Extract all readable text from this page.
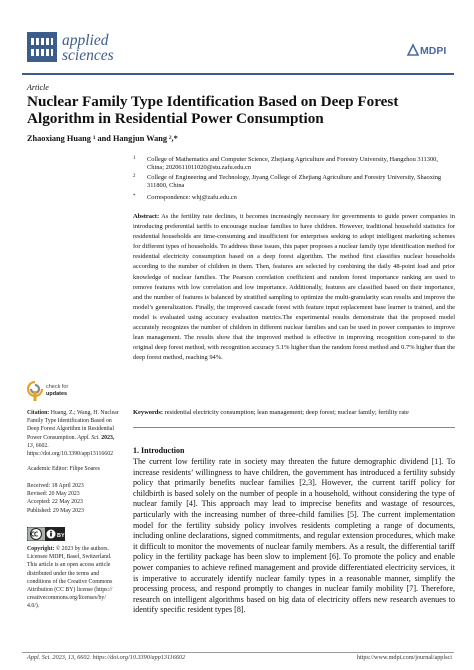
applied
sciences	MDPI
Article
Nuclear Family Type Identification Based on Deep Forest Algorithm in Residential Power Consumption
Zhaoxiang Huang ¹ and Hangjun Wang ²,*
1 College of Mathematics and Computer Science, Zhejiang Agriculture and Forestry University, Hangzhou 311300, China; 2020611011020@stu.zafu.edu.cn
2 College of Engineering and Technology, Jiyang College of Zhejiang Agriculture and Forestry University, Shaoxing 311800, China
* Correspondence: whj@zafu.edu.cn
Abstract: As the fertility rate declines, it becomes increasingly necessary for governments to guide power companies in introducing preferential tariffs to encourage nuclear families to have children. However, traditional household statistics for residential households are time-consuming and insufficient for enterprises seeking to adopt intelligent marketing schemes for different types of households. To address these issues, this paper proposes a nuclear family type identification method for residential electricity consumption based on a deep forest algorithm. The method first classifies nuclear households according to the number of children in them. Then, features are selected by combining the daily 48-point load and prior knowledge of nuclear families. The Pearson correlation coefficient and random forest importance ranking are used to remove features with low correlation and low importance. Additionally, features are classified based on their importance, and the number of features is balanced by stratified sampling to optimize the multi-granularity scan results and improve the model’s generalization. Finally, the improved cascade forest with feature input replacement base learner is trained, and the model is evaluated using accuracy evaluation metrics.The experimental results demonstrate that the proposed model accurately recognizes the number of children in different nuclear families and can be used in power companies to improve lean management. The results show that the improved method is effective in improving recognition com-pared to the original deep forest method, with recognition accuracy 5.1% higher than the random forest method and 0.7% higher than the deep forest method, reaching 94%.
Keywords: residential electricity consumption; lean management; deep forest; nuclear family; fertility rate
check for
updates
Citation: Huang, Z.; Wang, H. Nuclear Family Type Identification Based on Deep Forest Algorithm in Residential Power Consumption. Appl. Sci. 2023, 13, 6602. https://doi.org/10.3390/app13116602
Academic Editor: Filipe Soares
Received: 18 April 2023
Revised: 20 May 2023
Accepted: 22 May 2023
Published: 29 May 2023
BY
Copyright: © 2023 by the authors. Licensee MDPI, Basel, Switzerland. This article is an open access article distributed under the terms and conditions of the Creative Commons Attribution (CC BY) license (https:// creativecommons.org/licenses/by/ 4.0/).
1. Introduction
The current low fertility rate in society may threaten the future demographic dividend [1]. To increase residents’ willingness to have children, the government has introduced a fertility subsidy policy that primarily benefits nuclear families [2,3]. However, the current tariff policy for childbirth is based solely on the number of people in a household, without considering the type of nuclear family [4]. This approach may lead to imprecise benefits and wastage of resources, particularly with the increasing number of three-child families [5]. The current implementation model for the fertility subsidy policy involves residents completing a range of documents, including online declarations, signed commitments, and regular extension procedures, which make it difficult to monitor the movements of nuclear family members. As a result, the differential tariff policy in the fertility package has been slow to implement [6]. To promote the policy and enable power companies to achieve refined management and provide differentiated electricity services, it is imperative to accurately identify nuclear family types in a reasonable manner, simplify the processing process, and respond promptly to changes in nuclear family mobility [7]. Therefore, research on intelligent algorithms based on big data of electricity offers new research avenues to identify specific resident types [8].
Appl. Sci. 2023, 13, 6602. https://doi.org/10.3390/app13116602	https://www.mdpi.com/journal/applsci
